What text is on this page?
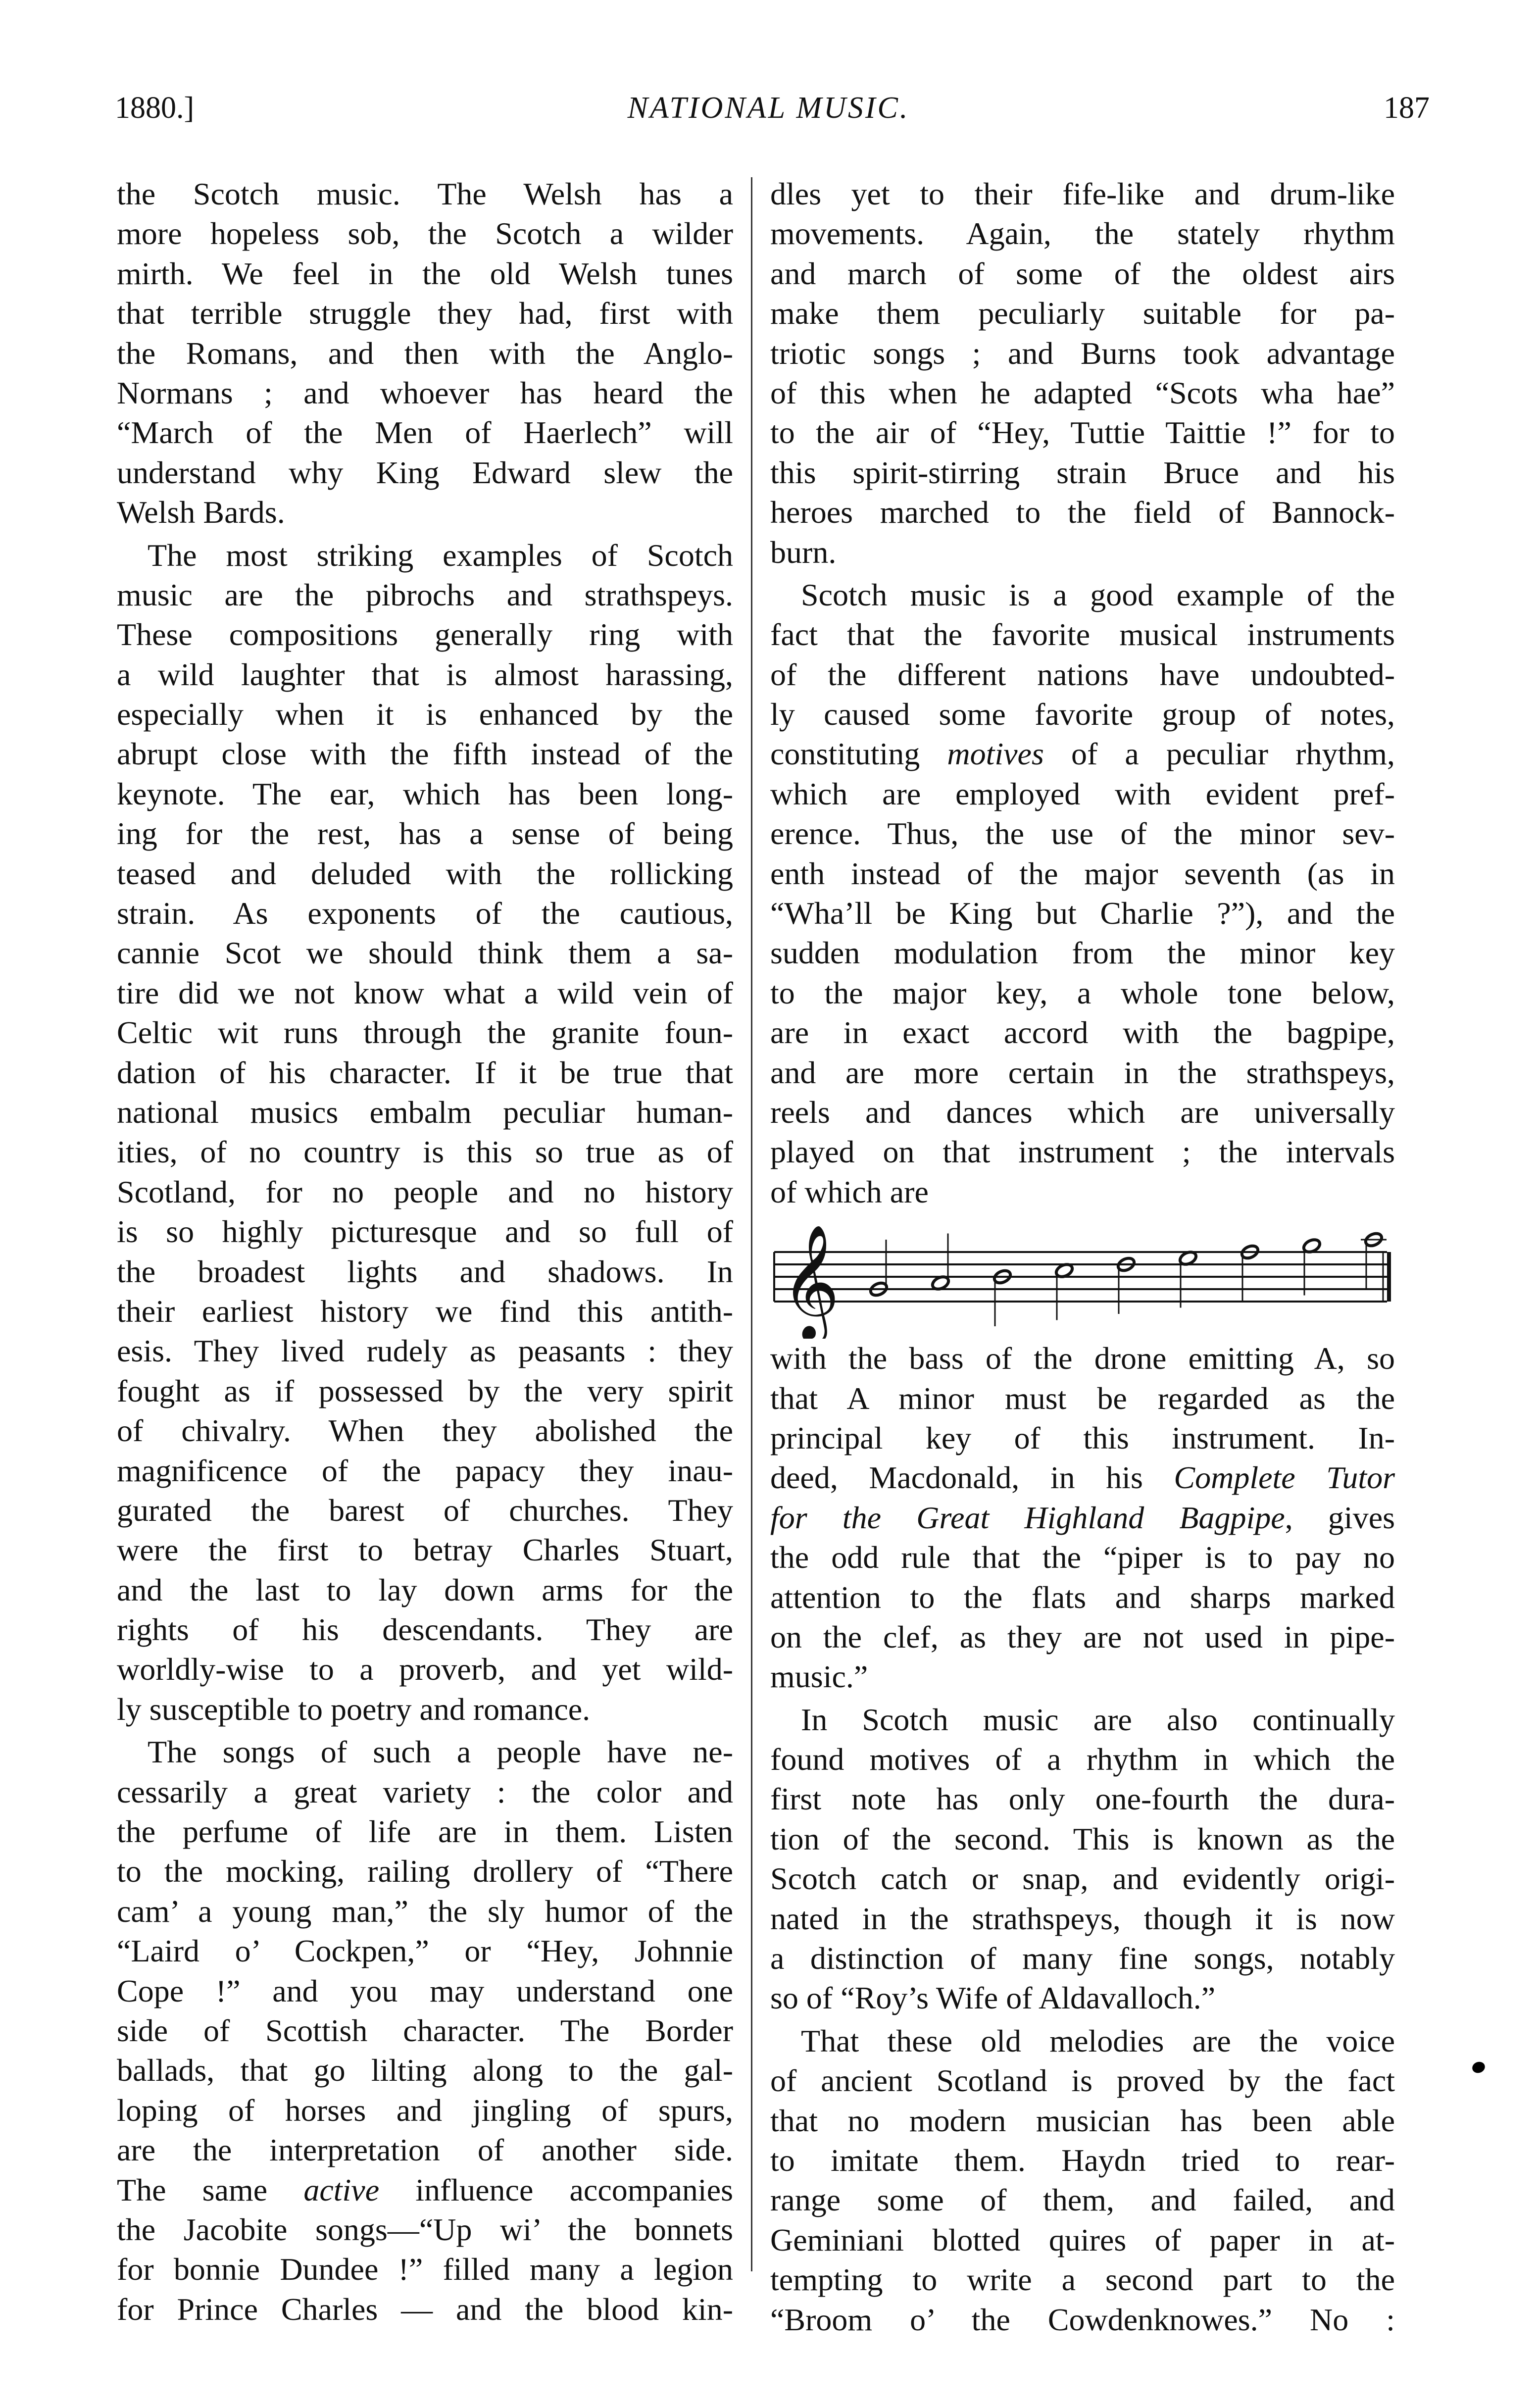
1880.]	NATIONAL MUSIC.	187
the Scotch music. The Welsh has a
more hopeless sob, the Scotch a wilder
mirth. We feel in the old Welsh tunes
that terrible struggle they had, first with
the Romans, and then with the Anglo-
Normans ; and whoever has heard the
“March of the Men of Haerlech” will
understand why King Edward slew the
Welsh Bards.
The most striking examples of Scotch
music are the pibrochs and strathspeys.
These compositions generally ring with
a wild laughter that is almost harassing,
especially when it is enhanced by the
abrupt close with the fifth instead of the
keynote. The ear, which has been long-
ing for the rest, has a sense of being
teased and deluded with the rollicking
strain. As exponents of the cautious,
cannie Scot we should think them a sa-
tire did we not know what a wild vein of
Celtic wit runs through the granite foun-
dation of his character. If it be true that
national musics embalm peculiar human-
ities, of no country is this so true as of
Scotland, for no people and no history
is so highly picturesque and so full of
the broadest lights and shadows. In
their earliest history we find this antith-
esis. They lived rudely as peasants : they
fought as if possessed by the very spirit
of chivalry. When they abolished the
magnificence of the papacy they inau-
gurated the barest of churches. They
were the first to betray Charles Stuart,
and the last to lay down arms for the
rights of his descendants. They are
worldly-wise to a proverb, and yet wild-
ly susceptible to poetry and romance.
The songs of such a people have ne-
cessarily a great variety : the color and
the perfume of life are in them. Listen
to the mocking, railing drollery of “There
cam’ a young man,” the sly humor of the
“Laird o’ Cockpen,” or “Hey, Johnnie
Cope !” and you may understand one
side of Scottish character. The Border
ballads, that go lilting along to the gal-
loping of horses and jingling of spurs,
are the interpretation of another side.
The same active influence accompanies
the Jacobite songs—“Up wi’ the bonnets
for bonnie Dundee !” filled many a legion
for Prince Charles — and the blood kin-
dles yet to their fife-like and drum-like
movements. Again, the stately rhythm
and march of some of the oldest airs
make them peculiarly suitable for pa-
triotic songs ; and Burns took advantage
of this when he adapted “Scots wha hae”
to the air of “Hey, Tuttie Taittie !” for to
this spirit-stirring strain Bruce and his
heroes marched to the field of Bannock-
burn.
Scotch music is a good example of the
fact that the favorite musical instruments
of the different nations have undoubted-
ly caused some favorite group of notes,
constituting motives of a peculiar rhythm,
which are employed with evident pref-
erence. Thus, the use of the minor sev-
enth instead of the major seventh (as in
“Wha’ll be King but Charlie ?”), and the
sudden modulation from the minor key
to the major key, a whole tone below,
are in exact accord with the bagpipe,
and are more certain in the strathspeys,
reels and dances which are universally
played on that instrument ; the intervals
of which are
𝄞
with the bass of the drone emitting A, so
that A minor must be regarded as the
principal key of this instrument. In-
deed, Macdonald, in his Complete Tutor
for the Great Highland Bagpipe, gives
the odd rule that the “piper is to pay no
attention to the flats and sharps marked
on the clef, as they are not used in pipe-
music.”
In Scotch music are also continually
found motives of a rhythm in which the
first note has only one-fourth the dura-
tion of the second. This is known as the
Scotch catch or snap, and evidently origi-
nated in the strathspeys, though it is now
a distinction of many fine songs, notably
so of “Roy’s Wife of Aldavalloch.”
That these old melodies are the voice
of ancient Scotland is proved by the fact
that no modern musician has been able
to imitate them. Haydn tried to rear-
range some of them, and failed, and
Geminiani blotted quires of paper in at-
tempting to write a second part to the
“Broom o’ the Cowdenknowes.” No :
